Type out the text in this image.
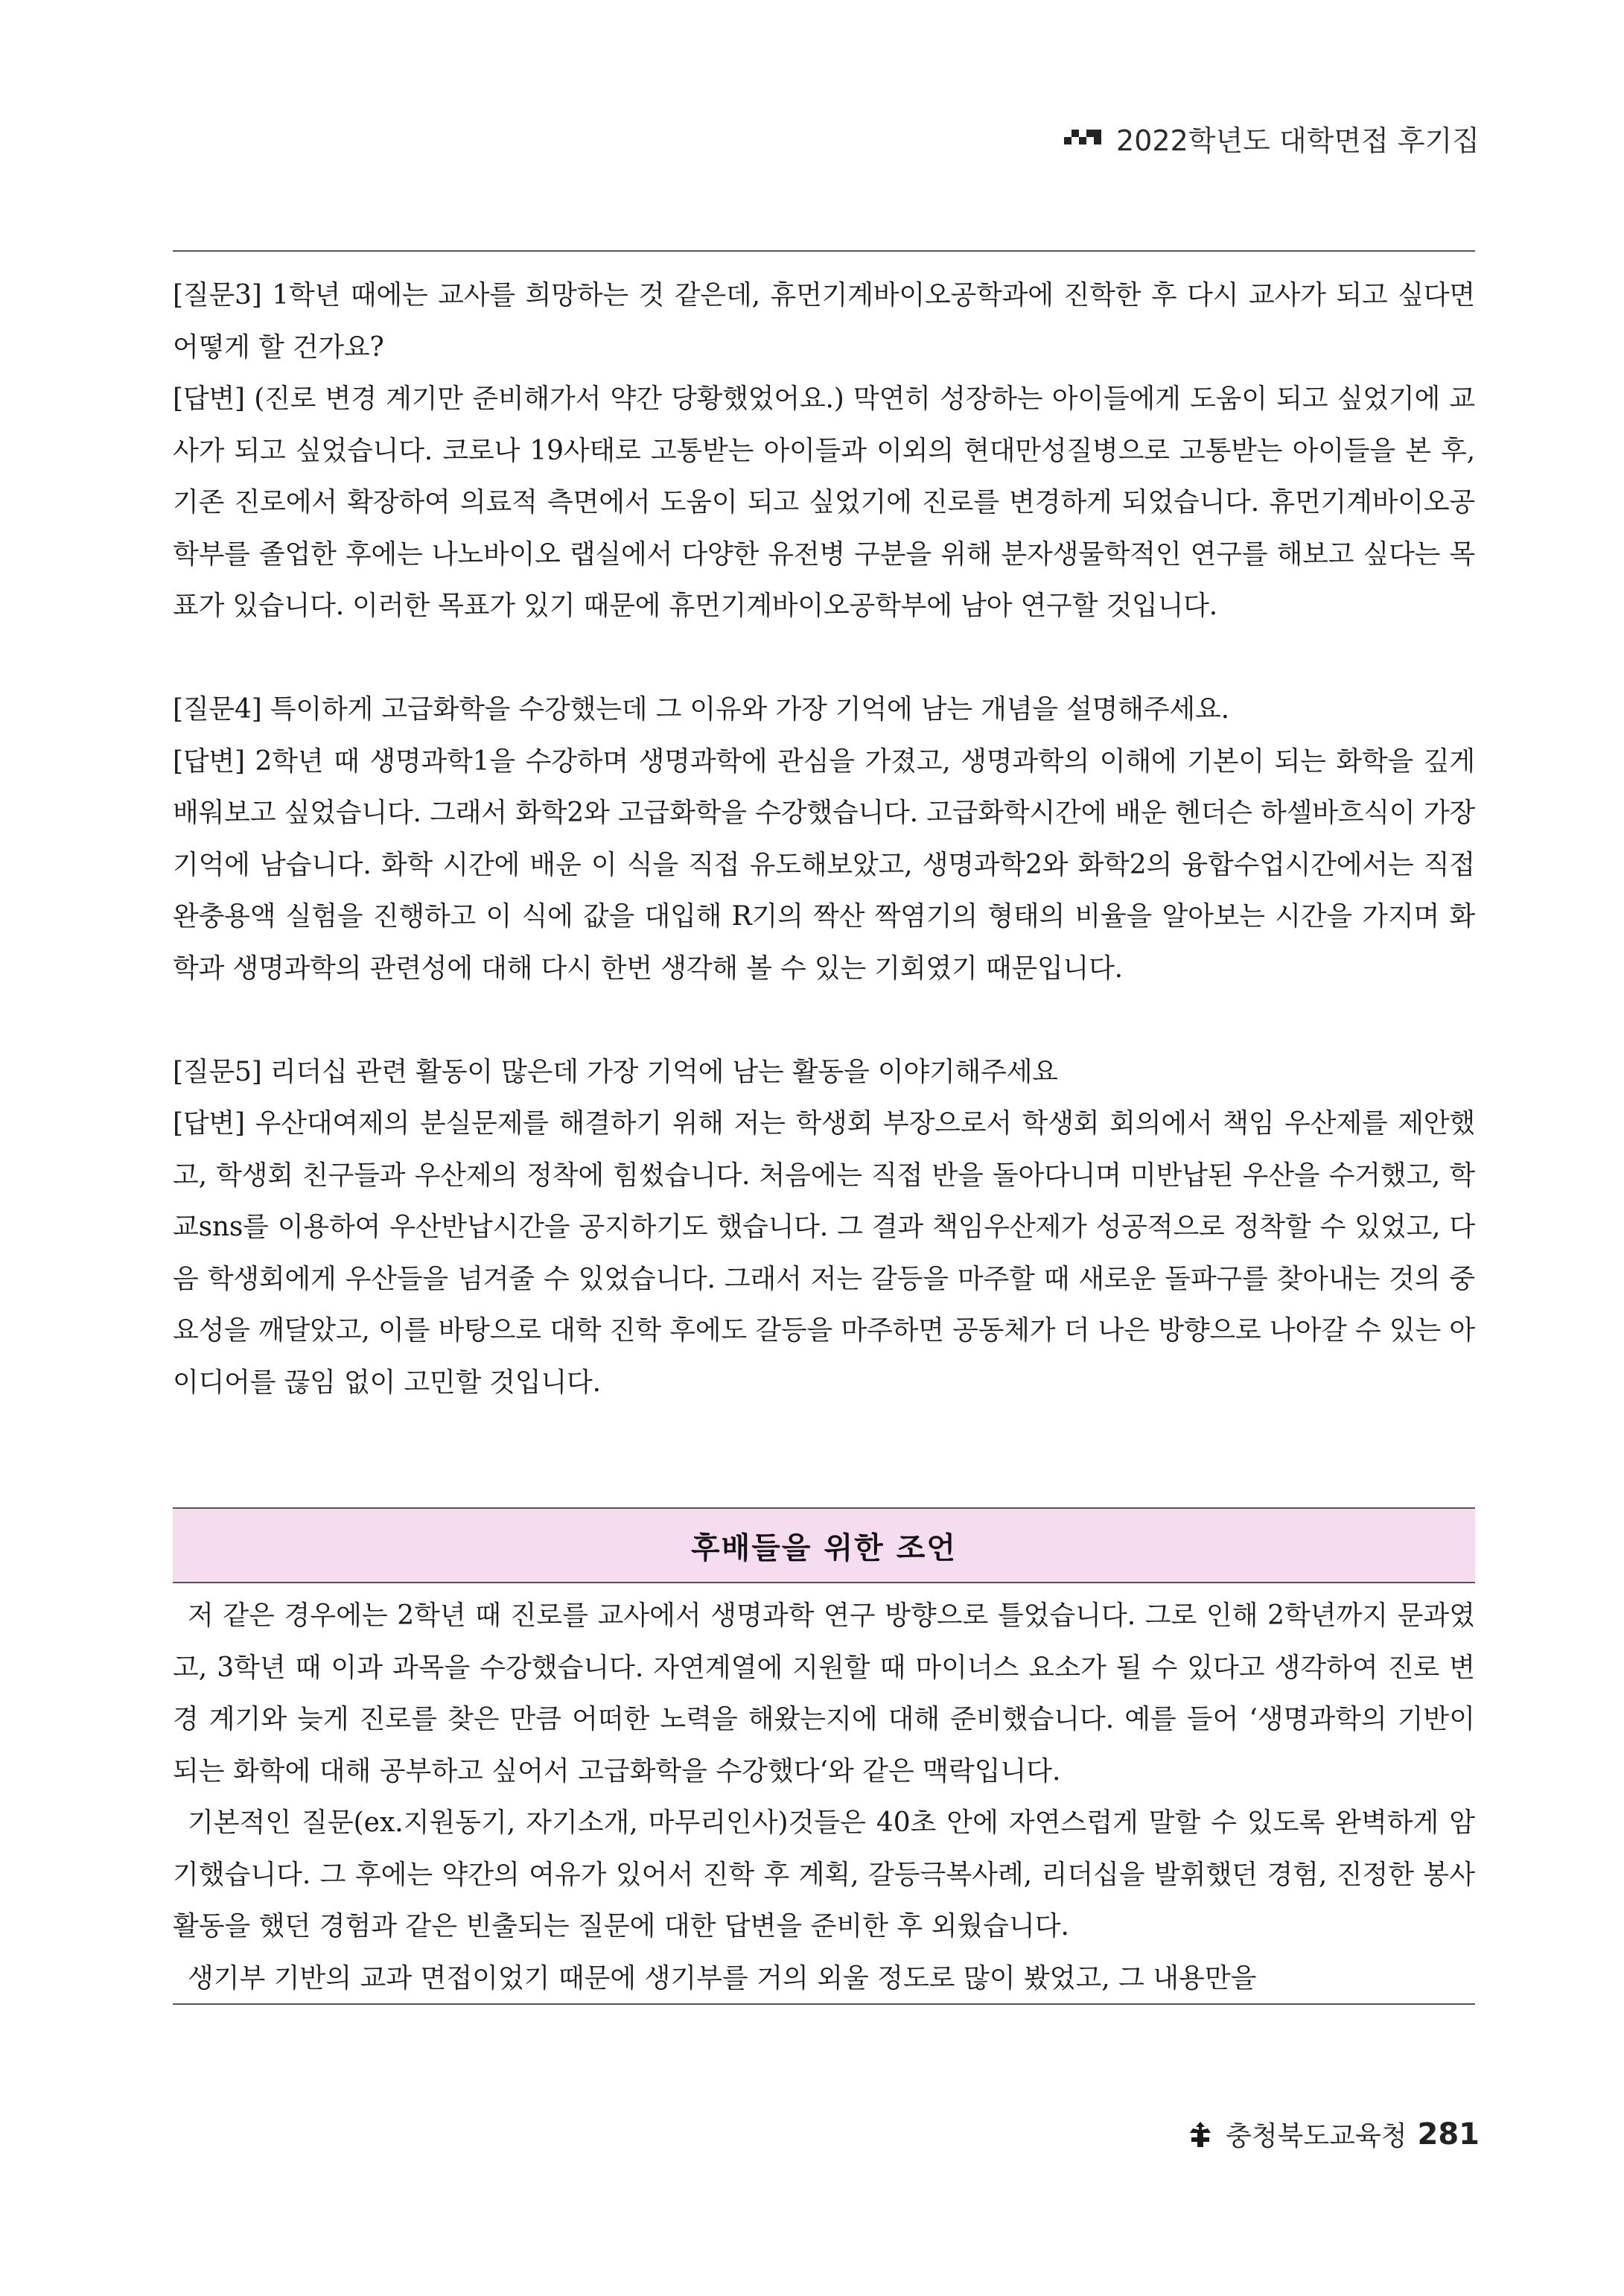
2022학년도 대학면접 후기집

[질문3] 1학년 때에는 교사를 희망하는 것 같은데, 휴먼기계바이오공학과에 진학한 후 다시 교사가 되고 싶다면 어떻게 할 건가요?

[답변] (진로 변경 계기만 준비해가서 약간 당황했었어요.) 막연히 성장하는 아이들에게 도움이 되고 싶었기에 교사가 되고 싶었습니다. 코로나 19사태로 고통받는 아이들과 이외의 현대만성질병으로 고통받는 아이들을 본 후, 기존 진로에서 확장하여 의료적 측면에서 도움이 되고 싶었기에 진로를 변경하게 되었습니다. 휴먼기계바이오공학부를 졸업한 후에는 나노바이오 랩실에서 다양한 유전병 구분을 위해 분자생물학적인 연구를 해보고 싶다는 목표가 있습니다. 이러한 목표가 있기 때문에 휴먼기계바이오공학부에 남아 연구할 것입니다.

[질문4] 특이하게 고급화학을 수강했는데 그 이유와 가장 기억에 남는 개념을 설명해주세요.

[답변] 2학년 때 생명과학1을 수강하며 생명과학에 관심을 가졌고, 생명과학의 이해에 기본이 되는 화학을 깊게 배워보고 싶었습니다. 그래서 화학2와 고급화학을 수강했습니다. 고급화학시간에 배운 헨더슨 하셀바흐식이 가장 기억에 남습니다. 화학 시간에 배운 이 식을 직접 유도해보았고, 생명과학2와 화학2의 융합수업시간에서는 직접 완충용액 실험을 진행하고 이 식에 값을 대입해 R기의 짝산 짝염기의 형태의 비율을 알아보는 시간을 가지며 화학과 생명과학의 관련성에 대해 다시 한번 생각해 볼 수 있는 기회였기 때문입니다.

[질문5] 리더십 관련 활동이 많은데 가장 기억에 남는 활동을 이야기해주세요

[답변] 우산대여제의 분실문제를 해결하기 위해 저는 학생회 부장으로서 학생회 회의에서 책임 우산제를 제안했고, 학생회 친구들과 우산제의 정착에 힘썼습니다. 처음에는 직접 반을 돌아다니며 미반납된 우산을 수거했고, 학교sns를 이용하여 우산반납시간을 공지하기도 했습니다. 그 결과 책임우산제가 성공적으로 정착할 수 있었고, 다음 학생회에게 우산들을 넘겨줄 수 있었습니다. 그래서 저는 갈등을 마주할 때 새로운 돌파구를 찾아내는 것의 중요성을 깨달았고, 이를 바탕으로 대학 진학 후에도 갈등을 마주하면 공동체가 더 나은 방향으로 나아갈 수 있는 아이디어를 끊임 없이 고민할 것입니다.

후배들을 위한 조언

저 같은 경우에는 2학년 때 진로를 교사에서 생명과학 연구 방향으로 틀었습니다. 그로 인해 2학년까지 문과였고, 3학년 때 이과 과목을 수강했습니다. 자연계열에 지원할 때 마이너스 요소가 될 수 있다고 생각하여 진로 변경 계기와 늦게 진로를 찾은 만큼 어떠한 노력을 해왔는지에 대해 준비했습니다. 예를 들어 ‘생명과학의 기반이 되는 화학에 대해 공부하고 싶어서 고급화학을 수강했다‘와 같은 맥락입니다.

기본적인 질문(ex.지원동기, 자기소개, 마무리인사)것들은 40초 안에 자연스럽게 말할 수 있도록 완벽하게 암기했습니다. 그 후에는 약간의 여유가 있어서 진학 후 계획, 갈등극복사례, 리더십을 발휘했던 경험, 진정한 봉사활동을 했던 경험과 같은 빈출되는 질문에 대한 답변을 준비한 후 외웠습니다.

생기부 기반의 교과 면접이었기 때문에 생기부를 거의 외울 정도로 많이 봤었고, 그 내용만을

충청북도교육청 281
